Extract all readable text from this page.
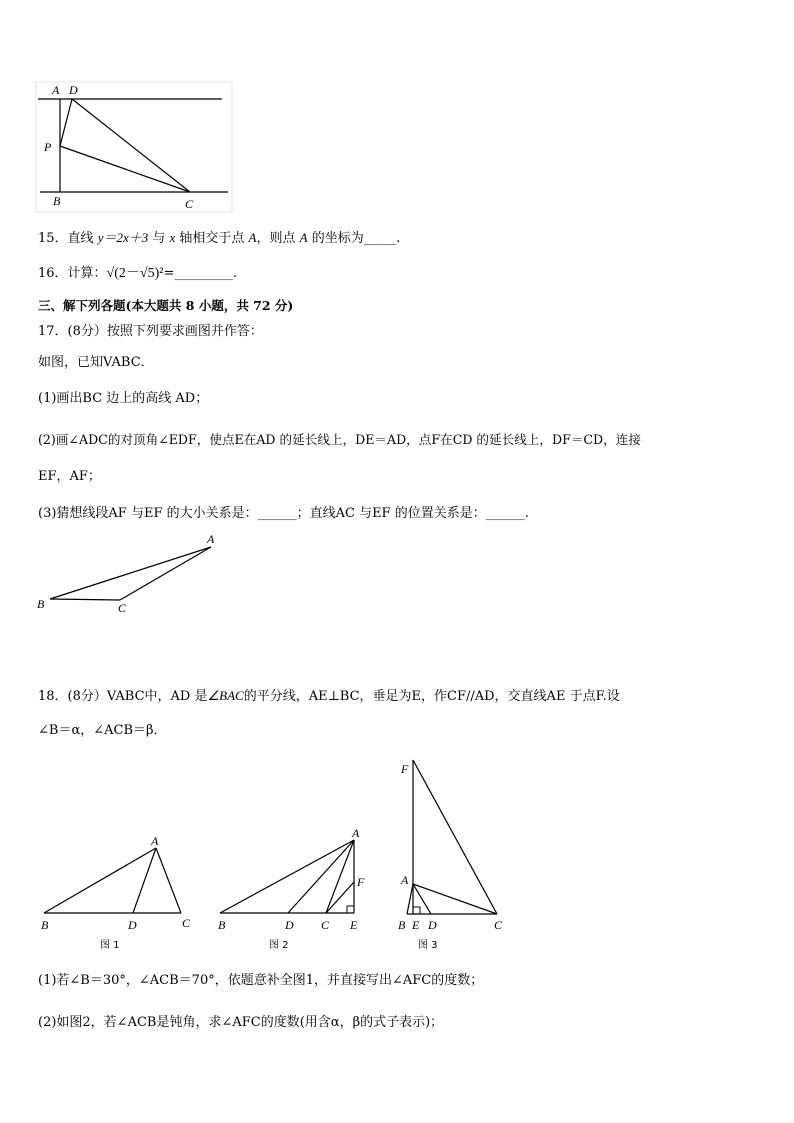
A D
P
B	C
15．直线 y＝2x＋3 与 x 轴相交于点 A，则点 A 的坐标为_____.
16．计算：√(2－√5)²=_________.
三、解下列各题(本大题共 8 小题，共 72 分)
17．(8分）按照下列要求画图并作答：
如图，已知VABC．
(1)画出BC 边上的高线 AD；
(2)画∠ADC的对顶角∠EDF，使点E在AD 的延长线上，DE＝AD，点F在CD 的延长线上，DF＝CD，连接
EF，AF；
(3)猜想线段AF 与EF 的大小关系是：______；直线AC 与EF 的位置关系是：______.
A
B	C
18．(8分）VABC中，AD 是∠BAC的平分线，AE⊥BC，垂足为E，作CF//AD，交直线AE 于点F.设
∠B＝α，∠ACB＝β．
A
B	D	C
图 1
A
F
B	D C E
图 2
F
A
B E D	C
图 3
(1)若∠B＝30°，∠ACB＝70°，依题意补全图1，并直接写出∠AFC的度数；
(2)如图2，若∠ACB是钝角，求∠AFC的度数(用含α，β的式子表示)；
